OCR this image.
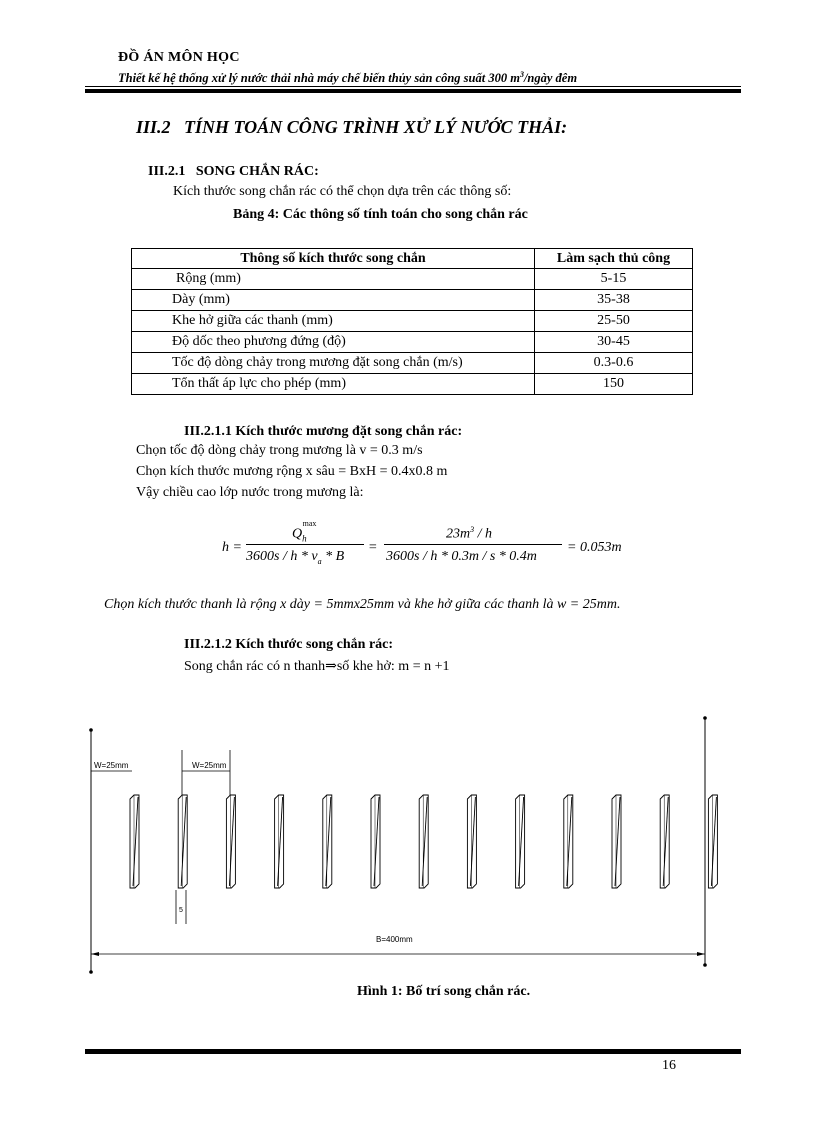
ĐỒ ÁN MÔN HỌC
Thiết kế hệ thống xử lý nước thải nhà máy chế biến thủy sản công suất 300 $m^3$/ngày đêm
III.2   TÍNH TOÁN CÔNG TRÌNH XỬ LÝ NƯỚC THẢI:
III.2.1   SONG CHẮN RÁC:
Kích thước song chắn rác có thể chọn dựa trên các thông số:
Bảng 4: Các thông số tính toán cho song chắn rác
Thông số kích thước song chắn	Làm sạch thủ công
Rộng (mm)	5-15
Dày (mm)	35-38
Khe hở giữa các thanh (mm)	25-50
Độ dốc theo phương đứng (độ)	30-45
Tốc độ dòng chảy trong mương đặt song chắn (m/s)	0.3-0.6
Tổn thất áp lực cho phép (mm)	150
III.2.1.1 Kích thước mương đặt song chắn rác:
Chọn tốc độ dòng chảy trong mương là v = 0.3 m/s
Chọn kích thước mương rộng x sâu = BxH = 0.4x0.8 m
Vậy chiều cao lớp nước trong mương là:
h =
$Q_h^{max}$
3600s / h * $v_a$ * B
=
$23m^3$ / h
3600s / h * 0.3m / s * 0.4m
= 0.053m
Chọn kích thước thanh là rộng x dày = 5mmx25mm và khe hở giữa các thanh là w = 25mm.
III.2.1.2 Kích thước song chắn rác:
Song chắn rác có n thanh⇒số khe hở: m = n +1
W=25mm	W=25mm
5
B=400mm
Hình 1: Bố trí song chắn rác.
16
